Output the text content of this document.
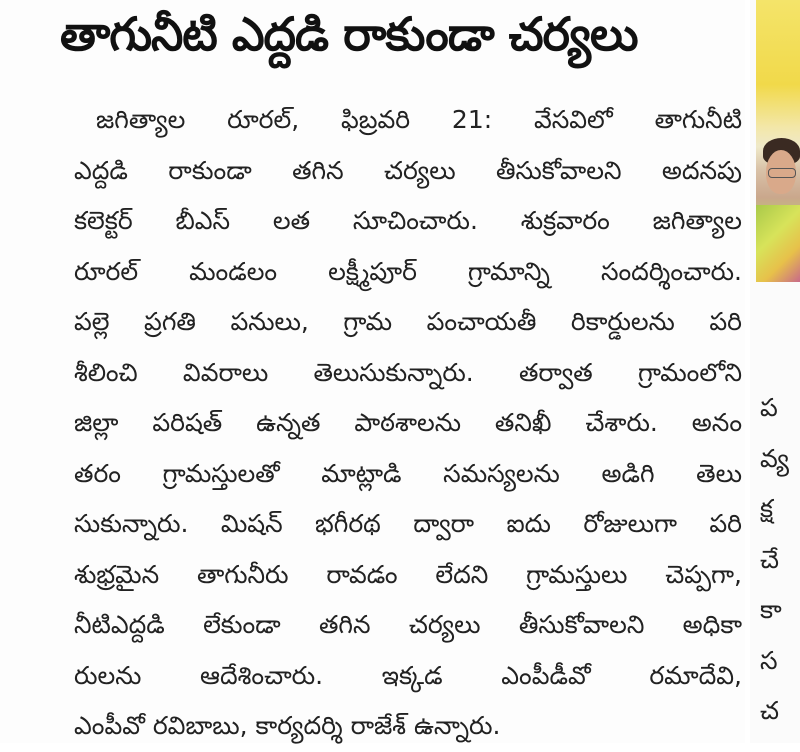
తాగునీటి ఎద్దడి రాకుండా చర్యలు
జగిత్యాల రూరల్, ఫిబ్రవరి 21: వేసవిలో తాగునీటి
ఎద్దడి రాకుండా తగిన చర్యలు తీసుకోవాలని అదనపు
కలెక్టర్ బీఎస్ లత సూచించారు. శుక్రవారం జగిత్యాల
రూరల్ మండలం లక్ష్మీపూర్ గ్రామాన్ని సందర్శించారు.
పల్లె ప్రగతి పనులు, గ్రామ పంచాయతీ రికార్డులను పరి
శీలించి వివరాలు తెలుసుకున్నారు. తర్వాత గ్రామంలోని
జిల్లా పరిషత్ ఉన్నత పాఠశాలను తనిఖీ చేశారు. అనం
తరం గ్రామస్తులతో మాట్లాడి సమస్యలను అడిగి తెలు
సుకున్నారు. మిషన్ భగీరథ ద్వారా ఐదు రోజులుగా పరి
శుభ్రమైన తాగునీరు రావడం లేదని గ్రామస్తులు చెప్పగా,
నీటిఎద్దడి లేకుండా తగిన చర్యలు తీసుకోవాలని అధికా
రులను ఆదేశించారు. ఇక్కడ ఎంపీడీవో రమాదేవి,
ఎంపీవో రవిబాబు, కార్యదర్శి రాజేశ్ ఉన్నారు.
ప
వ్య
క్ష
చే
కా
స
చ
